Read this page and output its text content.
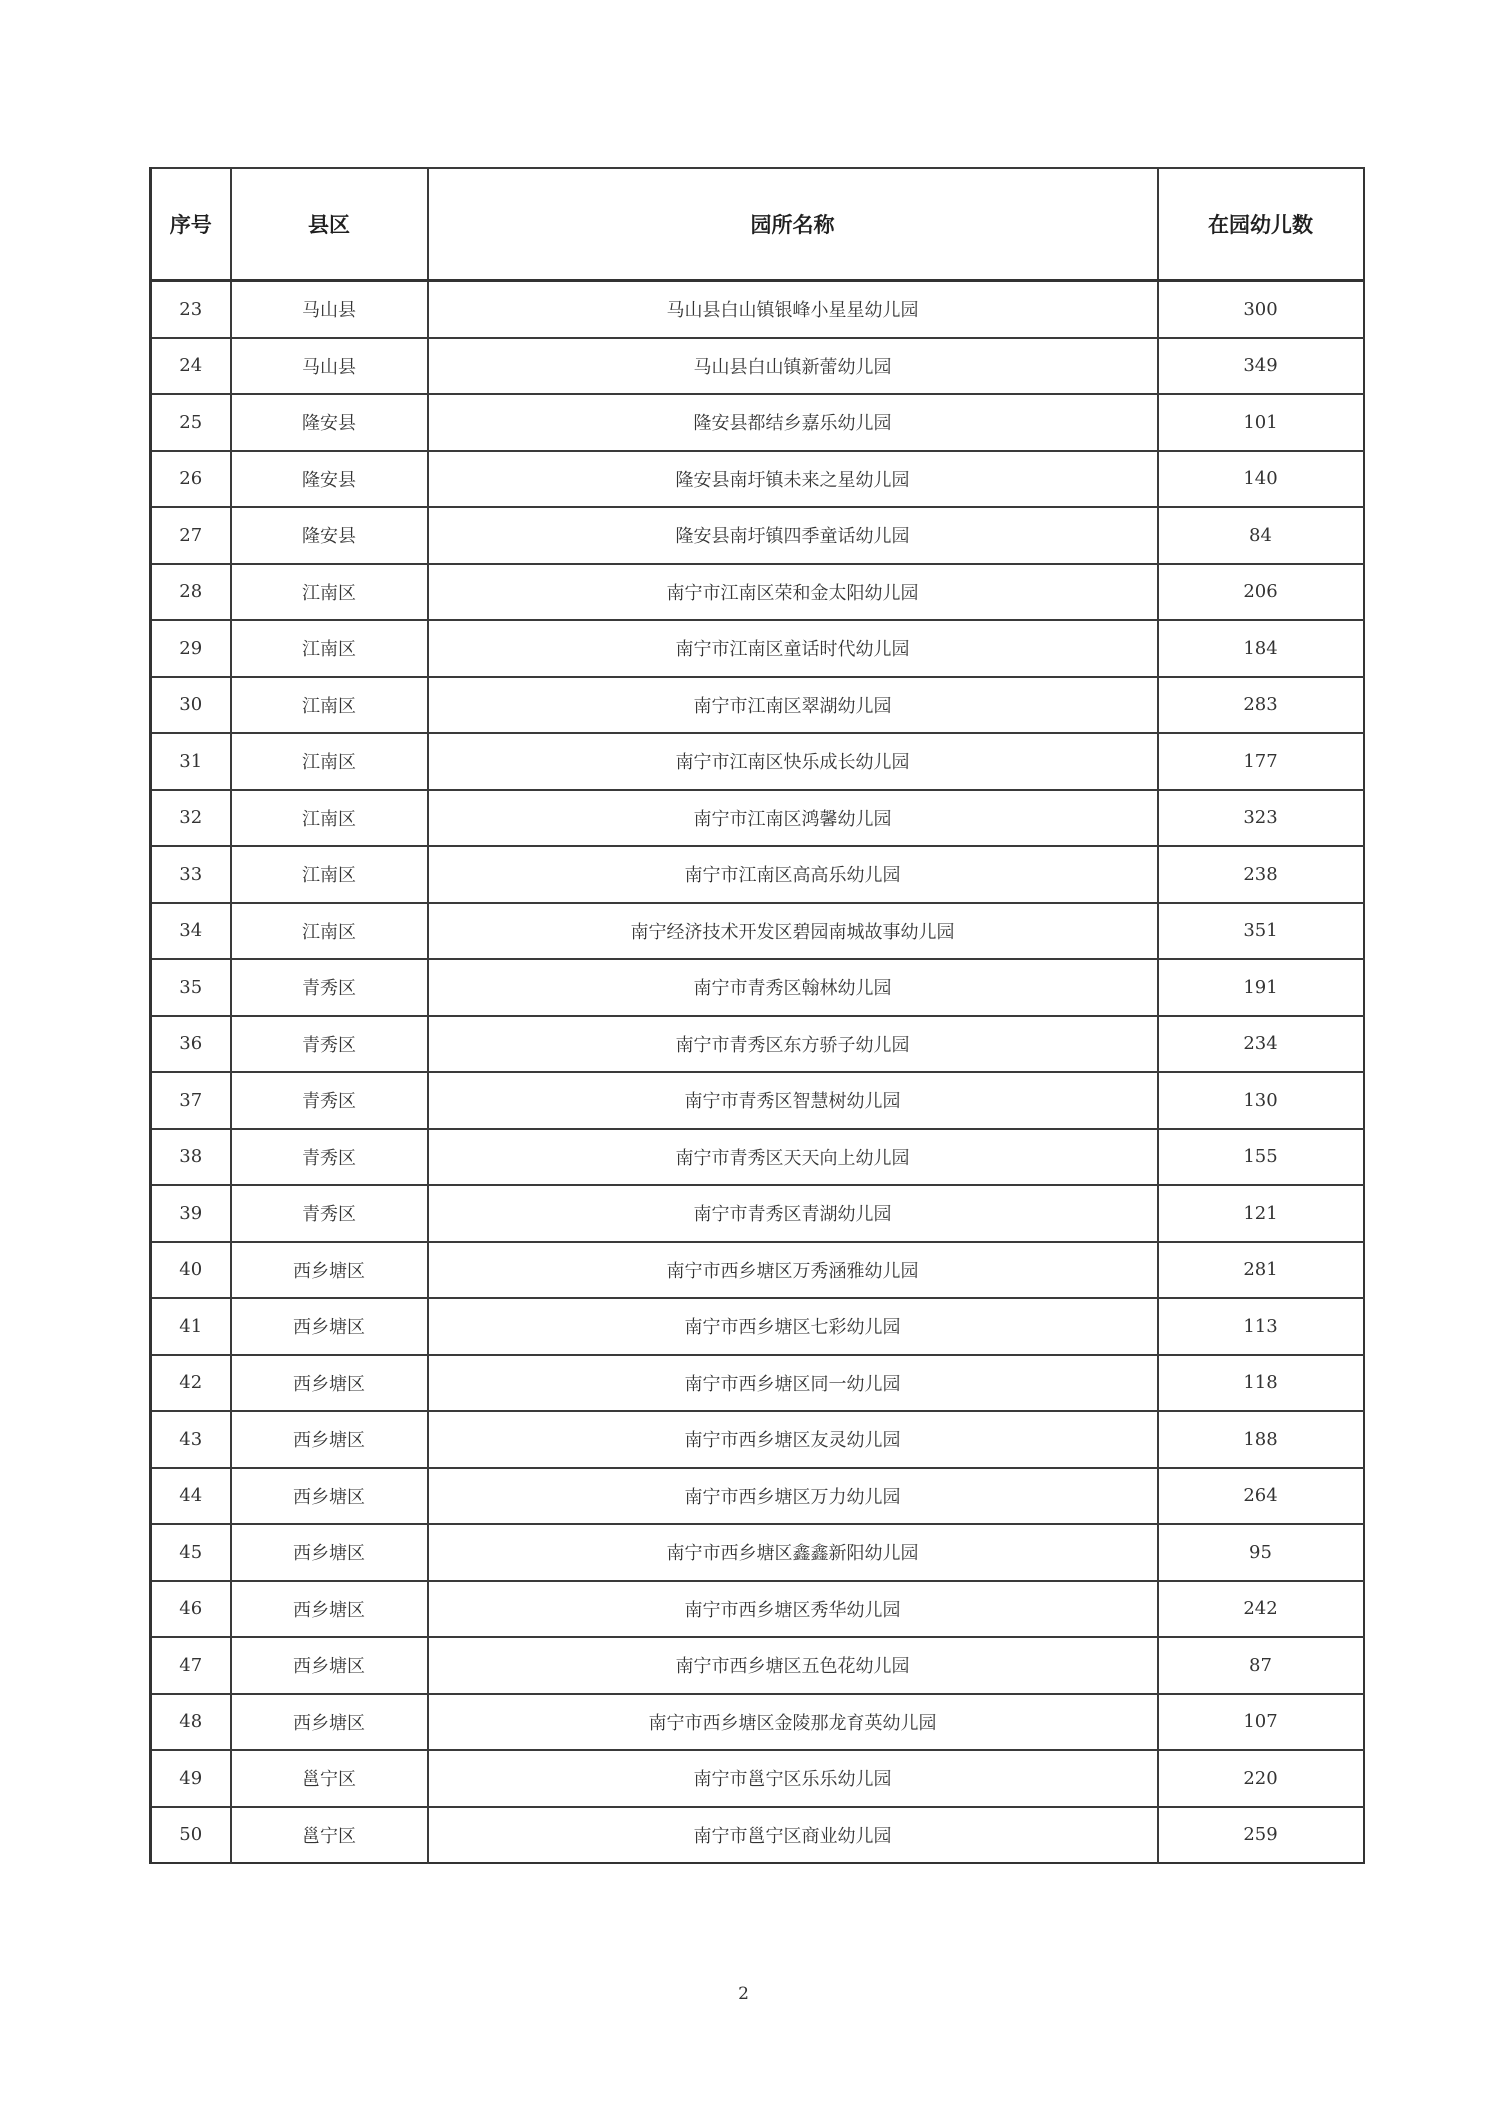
序号	县区	园所名称	在园幼儿数
23	马山县	马山县白山镇银峰小星星幼儿园	300
24	马山县	马山县白山镇新蕾幼儿园	349
25	隆安县	隆安县都结乡嘉乐幼儿园	101
26	隆安县	隆安县南圩镇未来之星幼儿园	140
27	隆安县	隆安县南圩镇四季童话幼儿园	84
28	江南区	南宁市江南区荣和金太阳幼儿园	206
29	江南区	南宁市江南区童话时代幼儿园	184
30	江南区	南宁市江南区翠湖幼儿园	283
31	江南区	南宁市江南区快乐成长幼儿园	177
32	江南区	南宁市江南区鸿馨幼儿园	323
33	江南区	南宁市江南区高高乐幼儿园	238
34	江南区	南宁经济技术开发区碧园南城故事幼儿园	351
35	青秀区	南宁市青秀区翰林幼儿园	191
36	青秀区	南宁市青秀区东方骄子幼儿园	234
37	青秀区	南宁市青秀区智慧树幼儿园	130
38	青秀区	南宁市青秀区天天向上幼儿园	155
39	青秀区	南宁市青秀区青湖幼儿园	121
40	西乡塘区	南宁市西乡塘区万秀涵雅幼儿园	281
41	西乡塘区	南宁市西乡塘区七彩幼儿园	113
42	西乡塘区	南宁市西乡塘区同一幼儿园	118
43	西乡塘区	南宁市西乡塘区友灵幼儿园	188
44	西乡塘区	南宁市西乡塘区万力幼儿园	264
45	西乡塘区	南宁市西乡塘区鑫鑫新阳幼儿园	95
46	西乡塘区	南宁市西乡塘区秀华幼儿园	242
47	西乡塘区	南宁市西乡塘区五色花幼儿园	87
48	西乡塘区	南宁市西乡塘区金陵那龙育英幼儿园	107
49	邕宁区	南宁市邕宁区乐乐幼儿园	220
50	邕宁区	南宁市邕宁区商业幼儿园	259
2
